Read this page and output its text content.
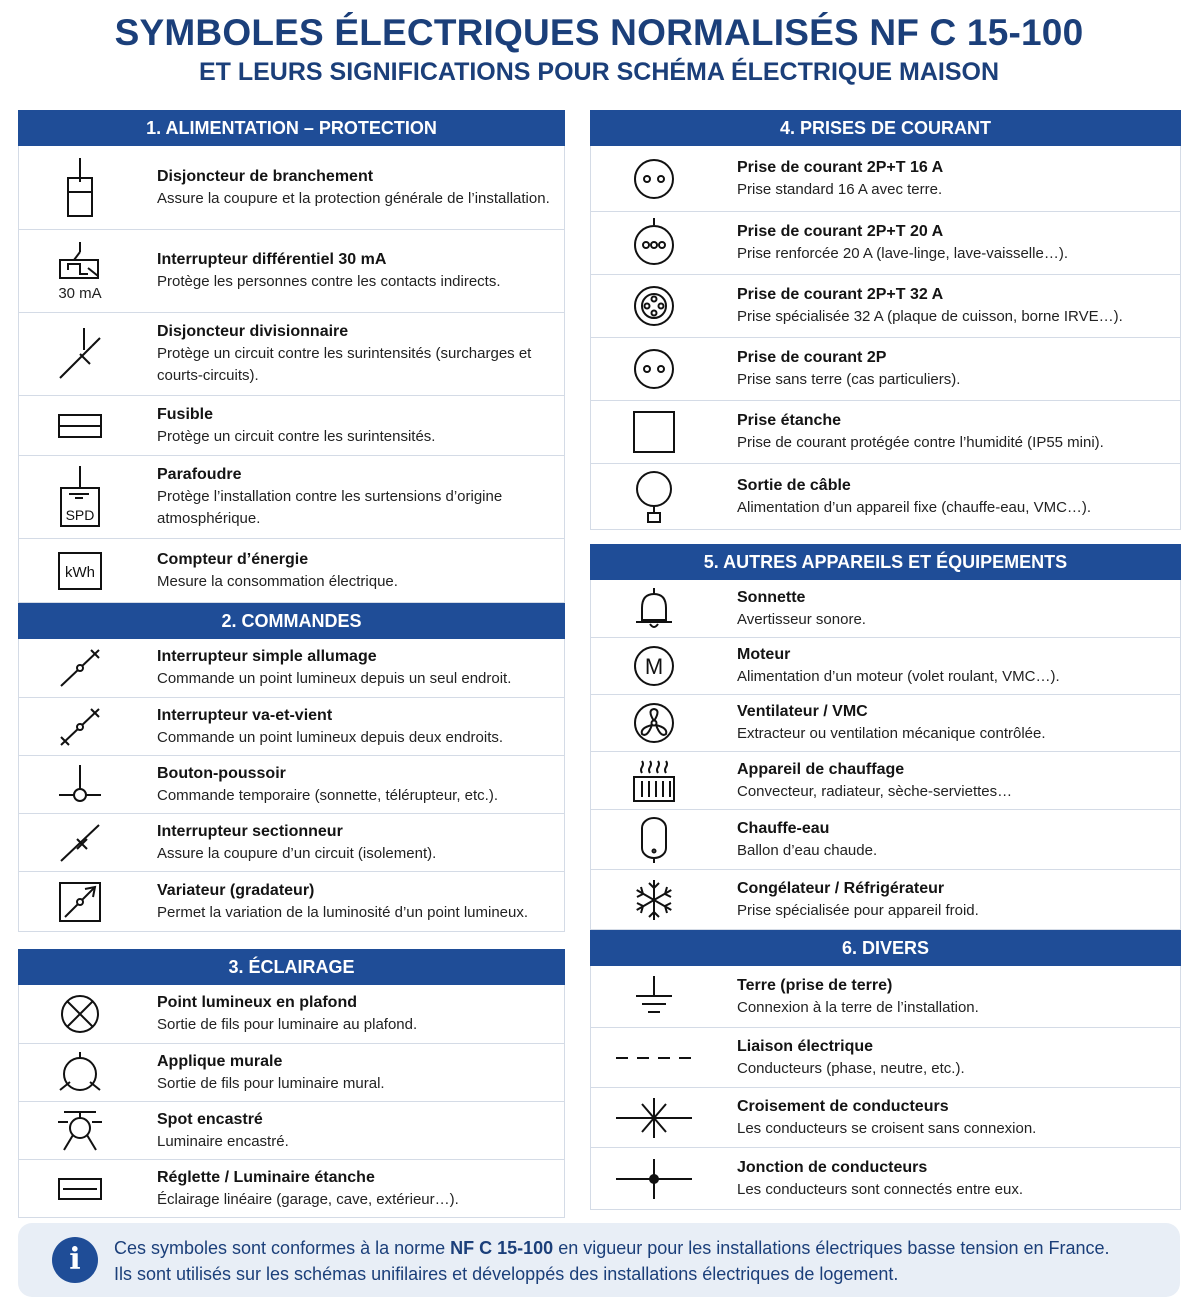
SYMBOLES ÉLECTRIQUES NORMALISÉS NF C 15-100
ET LEURS SIGNIFICATIONS POUR SCHÉMA ÉLECTRIQUE MAISON
1. ALIMENTATION – PROTECTION
Disjoncteur de branchement
Assure la coupure et la protection générale de l’installation.
30 mA
Interrupteur différentiel 30 mA
Protège les personnes contre les contacts indirects.
Disjoncteur divisionnaire
Protège un circuit contre les surintensités (surcharges et courts-circuits).
Fusible
Protège un circuit contre les surintensités.
SPD
Parafoudre
Protège l’installation contre les surtensions d’origine atmosphérique.
kWh
Compteur d’énergie
Mesure la consommation électrique.
2. COMMANDES
Interrupteur simple allumage
Commande un point lumineux depuis un seul endroit.
Interrupteur va-et-vient
Commande un point lumineux depuis deux endroits.
Bouton-poussoir
Commande temporaire (sonnette, télérupteur, etc.).
Interrupteur sectionneur
Assure la coupure d’un circuit (isolement).
Variateur (gradateur)
Permet la variation de la luminosité d’un point lumineux.
3. ÉCLAIRAGE
Point lumineux en plafond
Sortie de fils pour luminaire au plafond.
Applique murale
Sortie de fils pour luminaire mural.
Spot encastré
Luminaire encastré.
Réglette / Luminaire étanche
Éclairage linéaire (garage, cave, extérieur…).
4. PRISES DE COURANT
Prise de courant 2P+T 16 A
Prise standard 16 A avec terre.
Prise de courant 2P+T 20 A
Prise renforcée 20 A (lave-linge, lave-vaisselle…).
Prise de courant 2P+T 32 A
Prise spécialisée 32 A (plaque de cuisson, borne IRVE…).
Prise de courant 2P
Prise sans terre (cas particuliers).
Prise étanche
Prise de courant protégée contre l’humidité (IP55 mini).
Sortie de câble
Alimentation d’un appareil fixe (chauffe-eau, VMC…).
5. AUTRES APPAREILS ET ÉQUIPEMENTS
Sonnette
Avertisseur sonore.
M	Moteur
Alimentation d’un moteur (volet roulant, VMC…).
Ventilateur / VMC
Extracteur ou ventilation mécanique contrôlée.
Appareil de chauffage
Convecteur, radiateur, sèche-serviettes…
Chauffe-eau
Ballon d’eau chaude.
Congélateur / Réfrigérateur
Prise spécialisée pour appareil froid.
6. DIVERS
Terre (prise de terre)
Connexion à la terre de l’installation.
Liaison électrique
Conducteurs (phase, neutre, etc.).
Croisement de conducteurs
Les conducteurs se croisent sans connexion.
Jonction de conducteurs
Les conducteurs sont connectés entre eux.
i	Ces symboles sont conformes à la norme NF C 15-100 en vigueur pour les installations électriques basse tension en France.
Ils sont utilisés sur les schémas unifilaires et développés des installations électriques de logement.
